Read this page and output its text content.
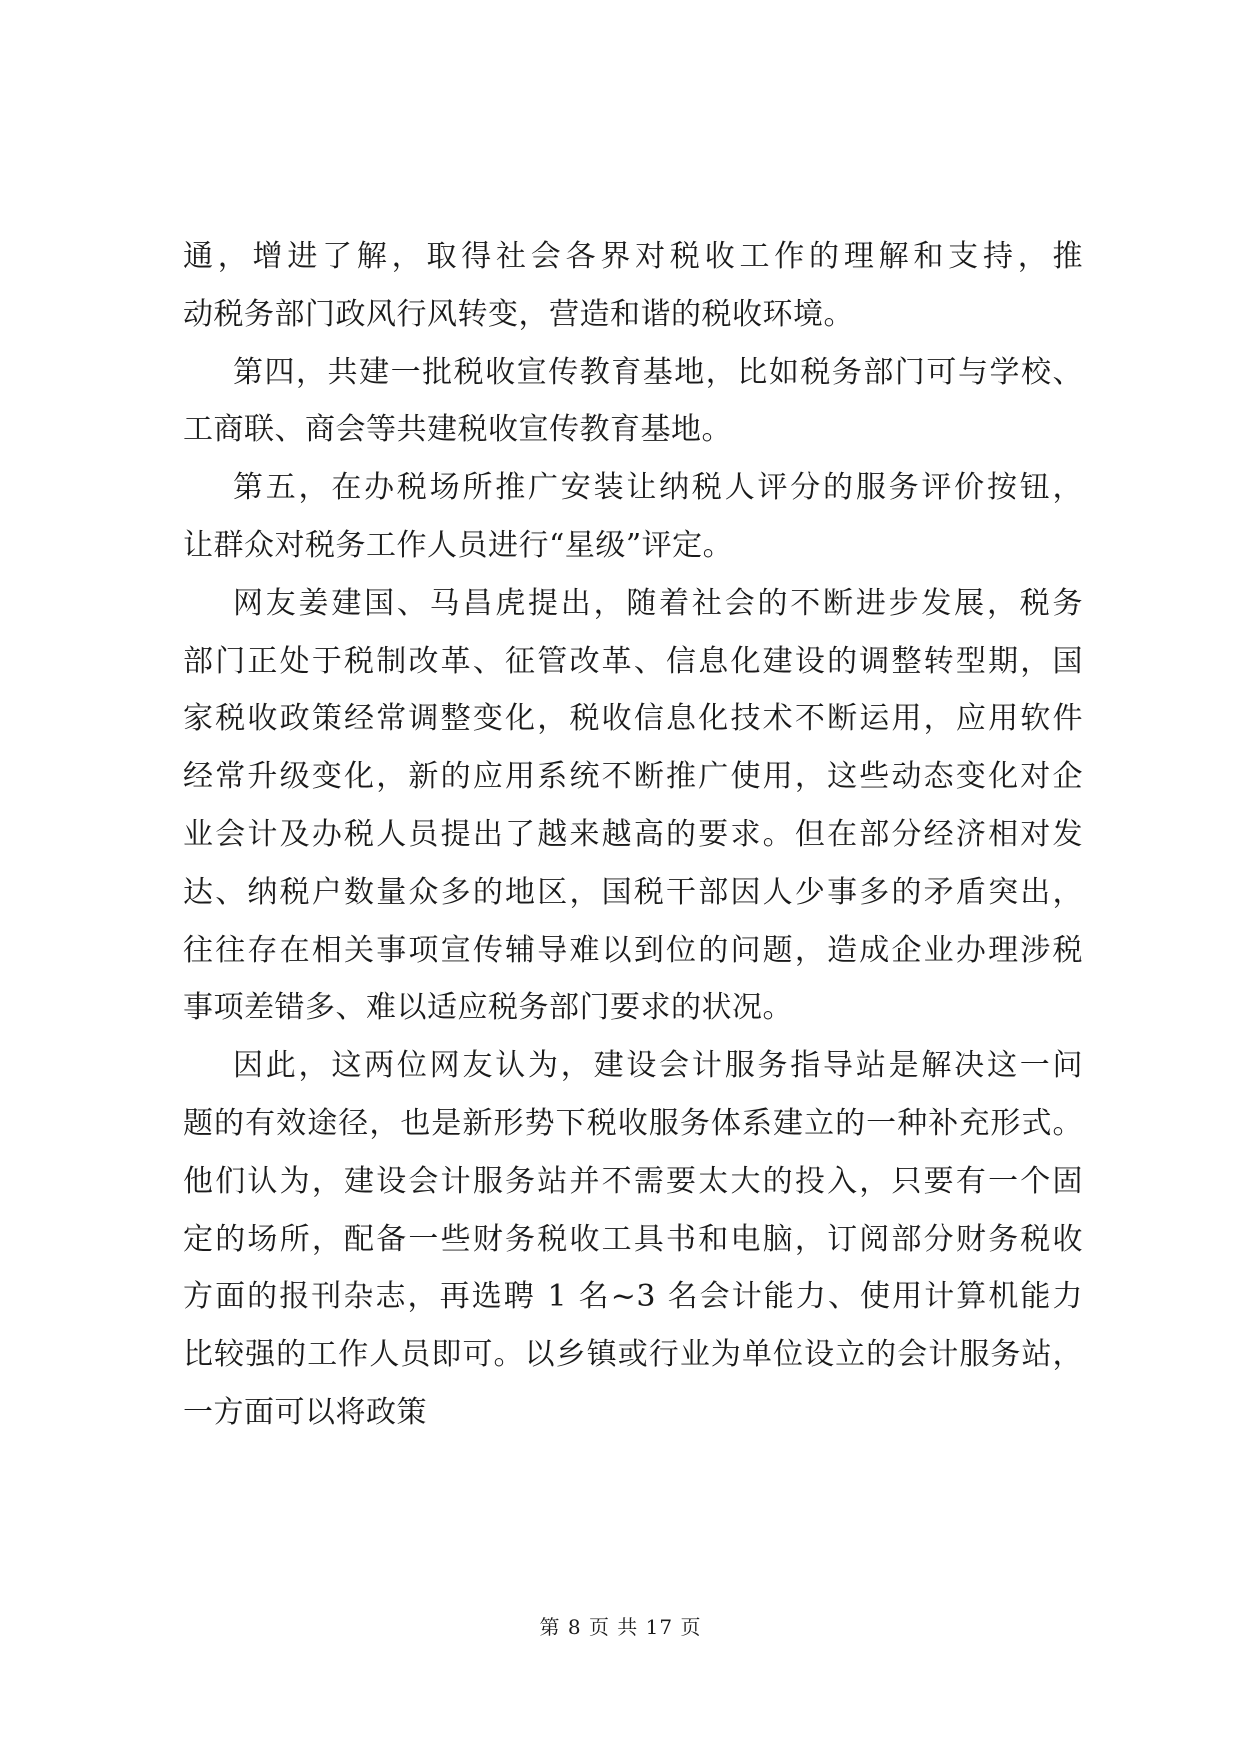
通，增进了解，取得社会各界对税收工作的理解和支持，推
动税务部门政风行风转变，营造和谐的税收环境。
第四，共建一批税收宣传教育基地，比如税务部门可与学校、
工商联、商会等共建税收宣传教育基地。
第五，在办税场所推广安装让纳税人评分的服务评价按钮，
让群众对税务工作人员进行“星级”评定。
网友姜建国、马昌虎提出，随着社会的不断进步发展，税务
部门正处于税制改革、征管改革、信息化建设的调整转型期，国
家税收政策经常调整变化，税收信息化技术不断运用，应用软件
经常升级变化，新的应用系统不断推广使用，这些动态变化对企
业会计及办税人员提出了越来越高的要求。但在部分经济相对发
达、纳税户数量众多的地区，国税干部因人少事多的矛盾突出，
往往存在相关事项宣传辅导难以到位的问题，造成企业办理涉税
事项差错多、难以适应税务部门要求的状况。
因此，这两位网友认为，建设会计服务指导站是解决这一问
题的有效途径，也是新形势下税收服务体系建立的一种补充形式。
他们认为，建设会计服务站并不需要太大的投入，只要有一个固
定的场所，配备一些财务税收工具书和电脑，订阅部分财务税收
方面的报刊杂志，再选聘 1 名~3 名会计能力、使用计算机能力
比较强的工作人员即可。以乡镇或行业为单位设立的会计服务站，
一方面可以将政策
第 8 页 共 17 页
